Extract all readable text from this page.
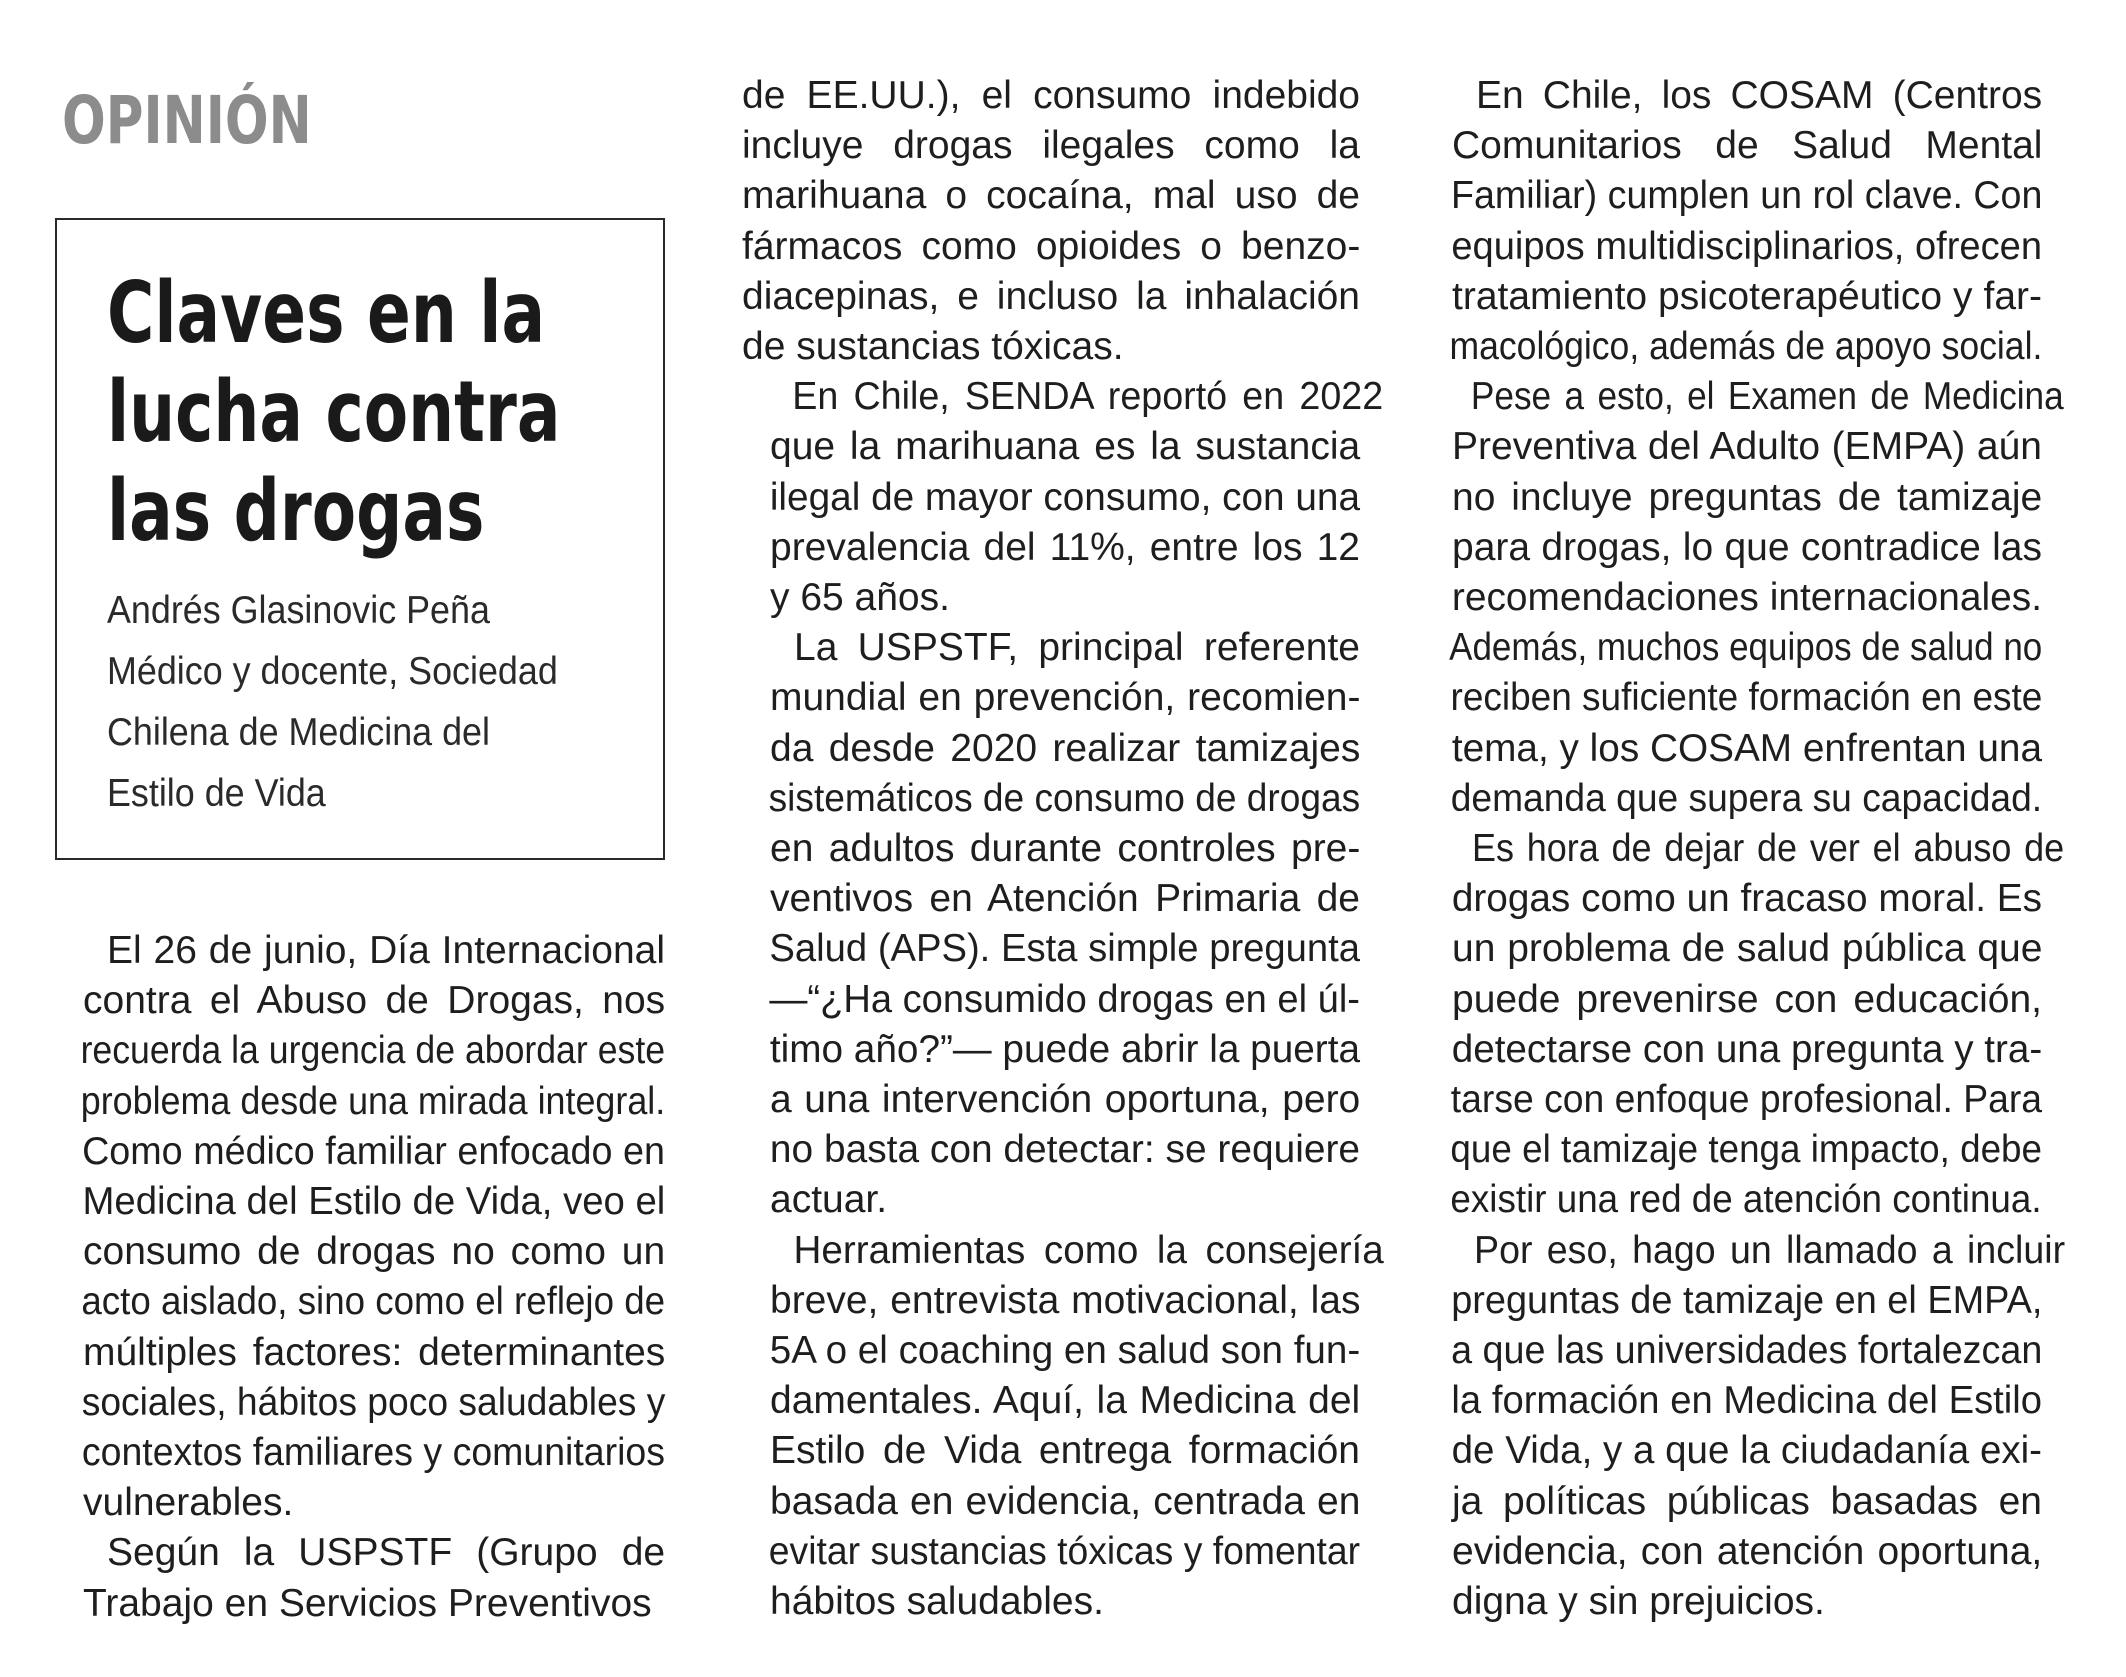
OPINIÓN
Claves en la
lucha contra
las drogas
Andrés Glasinovic Peña
Médico y docente, Sociedad
Chilena de Medicina del
Estilo de Vida

El 26 de junio, Día Internacional
contra el Abuso de Drogas, nos
recuerda la urgencia de abordar este
problema desde una mirada integral.
Como médico familiar enfocado en
Medicina del Estilo de Vida, veo el
consumo de drogas no como un
acto aislado, sino como el reflejo de
múltiples factores: determinantes
sociales, hábitos poco saludables y
contextos familiares y comunitarios
vulnerables.

Según la USPSTF (Grupo de
Trabajo en Servicios Preventivos

de EE.UU.), el consumo indebido
incluye drogas ilegales como la
marihuana o cocaína, mal uso de
fármacos como opioides o benzo-
diacepinas, e incluso la inhalación
de sustancias tóxicas.

En Chile, SENDA reportó en 2022
que la marihuana es la sustancia
ilegal de mayor consumo, con una
prevalencia del 11%, entre los 12
y 65 años.

La USPSTF, principal referente
mundial en prevención, recomien-
da desde 2020 realizar tamizajes
sistemáticos de consumo de drogas
en adultos durante controles pre-
ventivos en Atención Primaria de
Salud (APS). Esta simple pregunta
—“¿Ha consumido drogas en el úl-
timo año?”— puede abrir la puerta
a una intervención oportuna, pero
no basta con detectar: se requiere
actuar.

Herramientas como la consejería
breve, entrevista motivacional, las
5A o el coaching en salud son fun-
damentales. Aquí, la Medicina del
Estilo de Vida entrega formación
basada en evidencia, centrada en
evitar sustancias tóxicas y fomentar
hábitos saludables.

En Chile, los COSAM (Centros
Comunitarios de Salud Mental
Familiar) cumplen un rol clave. Con
equipos multidisciplinarios, ofrecen
tratamiento psicoterapéutico y far-
macológico, además de apoyo social.

Pese a esto, el Examen de Medicina
Preventiva del Adulto (EMPA) aún
no incluye preguntas de tamizaje
para drogas, lo que contradice las
recomendaciones internacionales.
Además, muchos equipos de salud no
reciben suficiente formación en este
tema, y los COSAM enfrentan una
demanda que supera su capacidad.

Es hora de dejar de ver el abuso de
drogas como un fracaso moral. Es
un problema de salud pública que
puede prevenirse con educación,
detectarse con una pregunta y tra-
tarse con enfoque profesional. Para
que el tamizaje tenga impacto, debe
existir una red de atención continua.

Por eso, hago un llamado a incluir
preguntas de tamizaje en el EMPA,
a que las universidades fortalezcan
la formación en Medicina del Estilo
de Vida, y a que la ciudadanía exi-
ja políticas públicas basadas en
evidencia, con atención oportuna,
digna y sin prejuicios.
